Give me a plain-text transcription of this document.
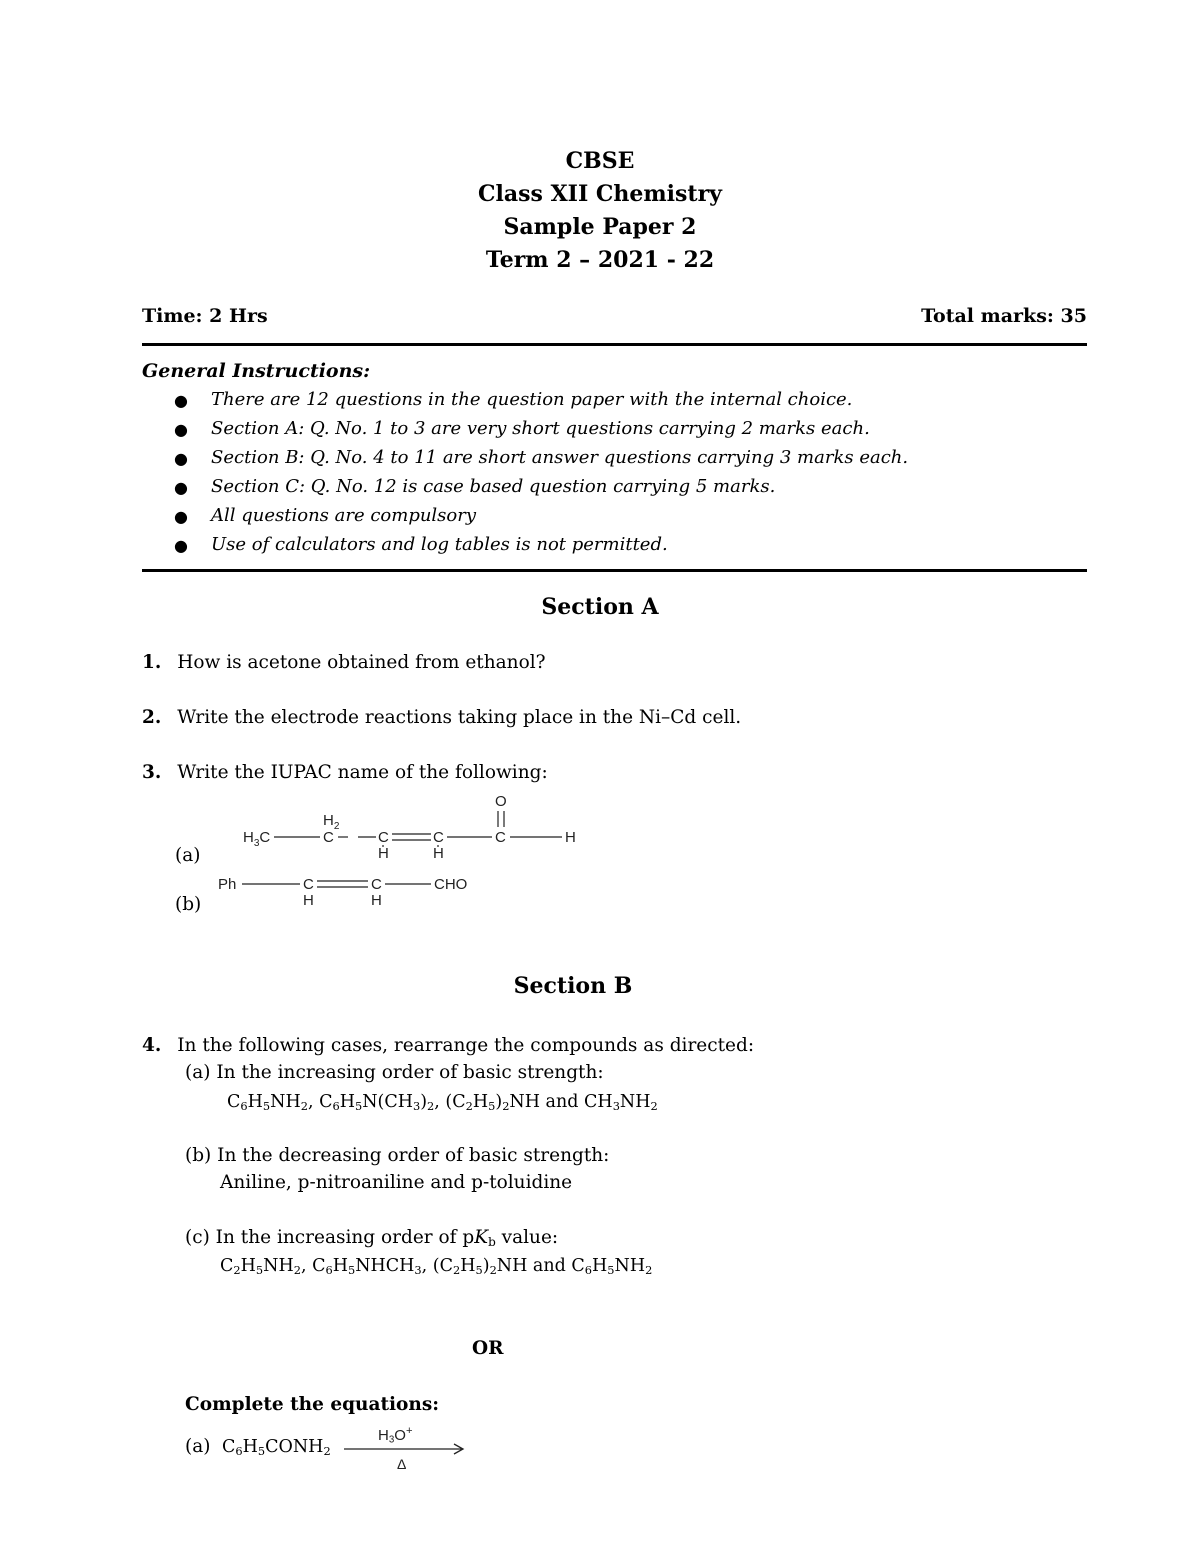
CBSE
Class XII Chemistry
Sample Paper 2
Term 2 – 2021 - 22
Time: 2 Hrs	Total marks: 35
General Instructions:
● There are 12 questions in the question paper with the internal choice.
● Section A: Q. No. 1 to 3 are very short questions carrying 2 marks each.
● Section B: Q. No. 4 to 11 are short answer questions carrying 3 marks each.
● Section C: Q. No. 12 is case based question carrying 5 marks.
● All questions are compulsory
● Use of calculators and log tables is not permitted.
Section A
1. How is acetone obtained from ethanol?
2. Write the electrode reactions taking place in the Ni–Cd cell.
3. Write the IUPAC name of the following:
(a)
(b)
$H_3C$
$H_2$
C	C
H
C
H
C
O
H
Ph	C
H
C
H
CHO
Section B
4. In the following cases, rearrange the compounds as directed:
(a) In the increasing order of basic strength:
$C_6H_5NH_2$, $C_6H_5N(CH_3)_2$, $(C_2H_5)_2NH$ and $CH_3NH_2$
(b) In the decreasing order of basic strength:
Aniline, p-nitroaniline and p-toluidine
(c) In the increasing order of $pK_b$ value:
$C_2H_5NH_2$, $C_6H_5NHCH_3$, $(C_2H_5)_2NH$ and $C_6H_5NH_2$
OR
Complete the equations:
(a) $C_6H_5CONH_2$
$H_3O^+$
Δ
